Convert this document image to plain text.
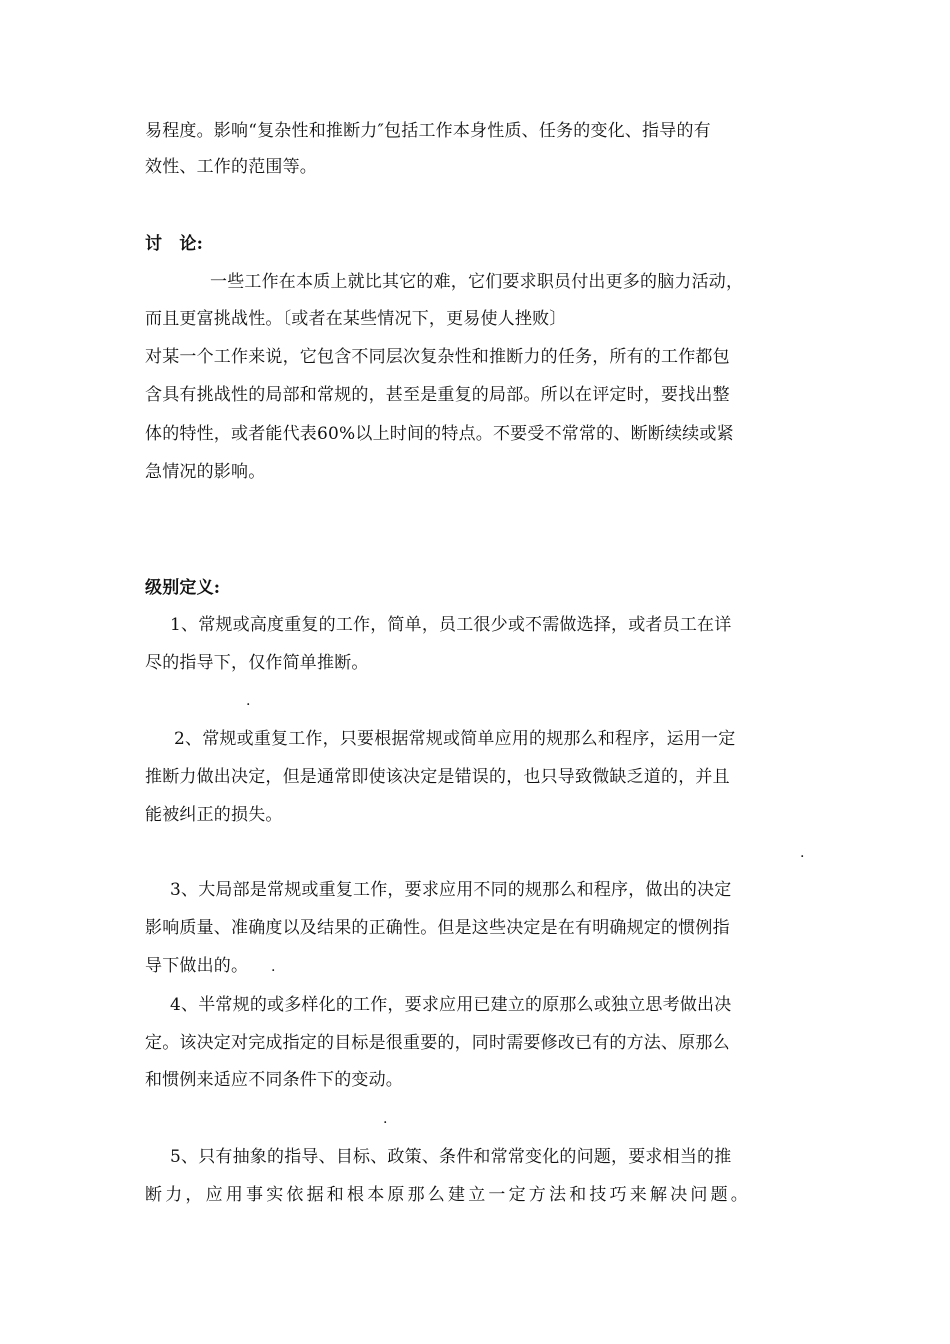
易程度。影响“复杂性和推断力″包括工作本身性质、任务的变化、指导的有
效性、工作的范围等。
讨　论:
一些工作在本质上就比其它的难，它们要求职员付出更多的脑力活动，
而且更富挑战性。〔或者在某些情况下，更易使人挫败〕
对某一个工作来说，它包含不同层次复杂性和推断力的任务，所有的工作都包
含具有挑战性的局部和常规的，甚至是重复的局部。所以在评定时，要找出整
体的特性，或者能代表60%以上时间的特点。不要受不常常的、断断续续或紧
急情况的影响。
级别定义:
1、常规或高度重复的工作，简单，员工很少或不需做选择，或者员工在详
尽的指导下，仅作简单推断。
.
2、常规或重复工作，只要根据常规或简单应用的规那么和程序，运用一定
推断力做出决定，但是通常即使该决定是错误的，也只导致微缺乏道的，并且
能被纠正的损失。
.
3、大局部是常规或重复工作，要求应用不同的规那么和程序，做出的决定
影响质量、准确度以及结果的正确性。但是这些决定是在有明确规定的惯例指
导下做出的。	.
4、半常规的或多样化的工作，要求应用已建立的原那么或独立思考做出决
定。该决定对完成指定的目标是很重要的，同时需要修改已有的方法、原那么
和惯例来适应不同条件下的变动。
.
5、只有抽象的指导、目标、政策、条件和常常变化的问题，要求相当的推
断力，应用事实依据和根本原那么建立一定方法和技巧来解决问题。
